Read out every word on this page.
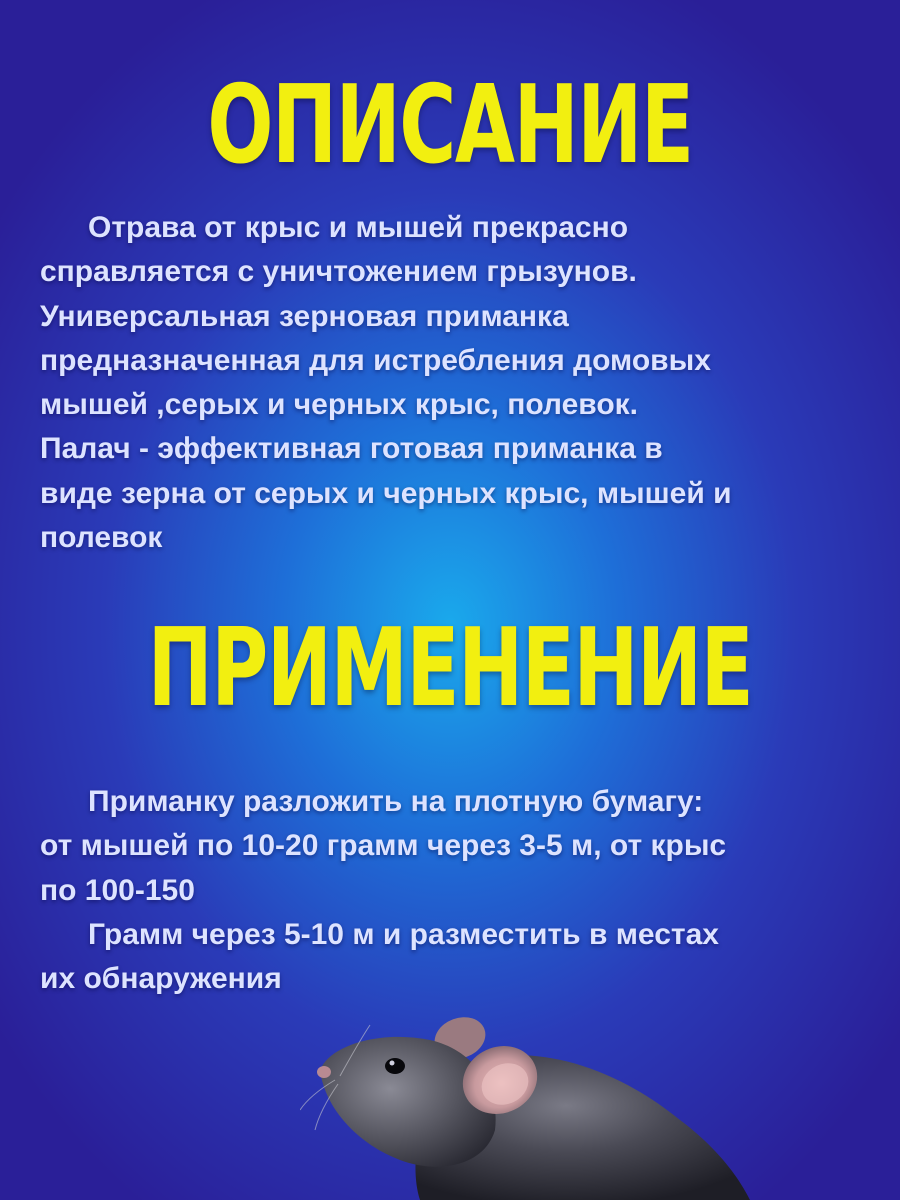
ОПИСАНИЕ

Отрава от крыс и мышей прекрасно
справляется с уничтожением грызунов.
Универсальная зерновая приманка
предназначенная для истребления домовых
мышей ,серых и черных крыс, полевок.
Палач - эффективная готовая приманка в
виде зерна от серых и черных крыс, мышей и
полевок

ПРИМЕНЕНИЕ

Приманку разложить на плотную бумагу:
от мышей по 10-20 грамм через 3-5 м, от крыс
по 100-150
Грамм через 5-10 м и разместить в местах
их обнаружения
